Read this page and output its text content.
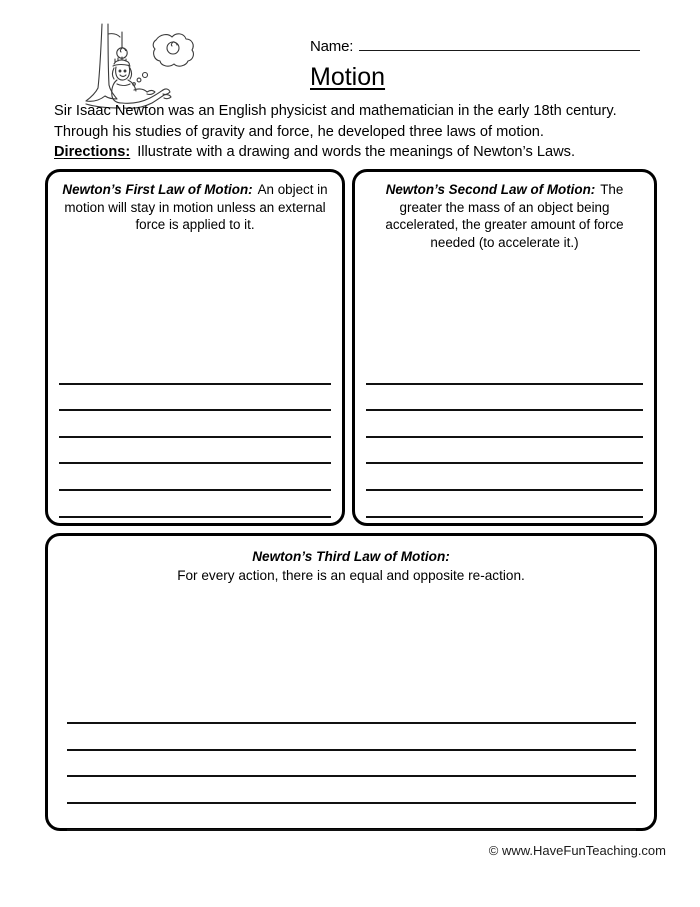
Name:
Motion
Sir Isaac Newton was an English physicist and mathematician in the early 18th century.
Through his studies of gravity and force, he developed three laws of motion.
Directions: Illustrate with a drawing and words the meanings of Newton’s Laws.
Newton’s First Law of Motion: An object in motion will stay in motion unless an external force is applied to it.
Newton’s Second Law of Motion: The greater the mass of an object being accelerated, the greater amount of force needed (to accelerate it.)
Newton’s Third Law of Motion:
For every action, there is an equal and opposite re-action.
© www.HaveFunTeaching.com
